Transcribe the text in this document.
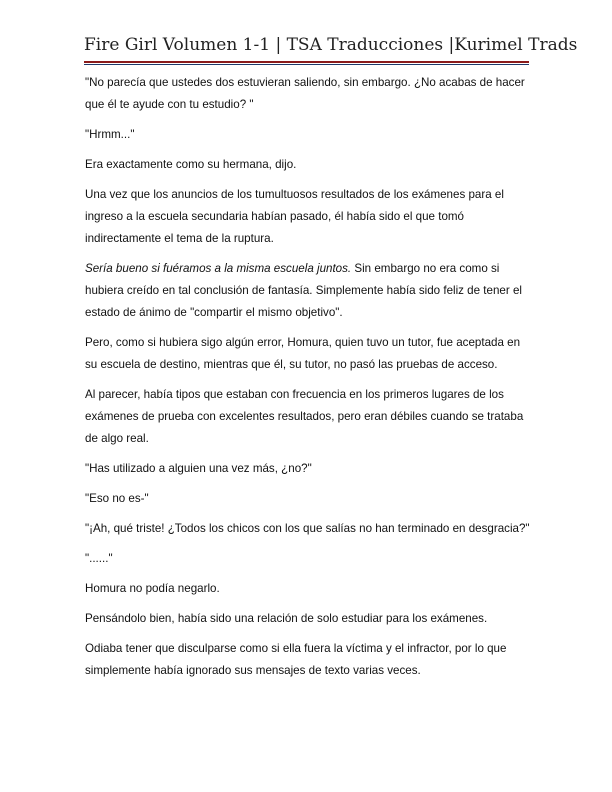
Fire Girl Volumen 1-1 | TSA Traducciones |Kurimel Trads

"No parecía que ustedes dos estuvieran saliendo, sin embargo. ¿No acabas de hacer que él te ayude con tu estudio? "

"Hrmm..."

Era exactamente como su hermana, dijo.

Una vez que los anuncios de los tumultuosos resultados de los exámenes para el ingreso a la escuela secundaria habían pasado, él había sido el que tomó indirectamente el tema de la ruptura.

Sería bueno si fuéramos a la misma escuela juntos. Sin embargo no era como si hubiera creído en tal conclusión de fantasía. Simplemente había sido feliz de tener el estado de ánimo de "compartir el mismo objetivo".

Pero, como si hubiera sigo algún error, Homura, quien tuvo un tutor, fue aceptada en su escuela de destino, mientras que él, su tutor, no pasó las pruebas de acceso.

Al parecer, había tipos que estaban con frecuencia en los primeros lugares de los exámenes de prueba con excelentes resultados, pero eran débiles cuando se trataba de algo real.

"Has utilizado a alguien una vez más, ¿no?"

"Eso no es-"

"¡Ah, qué triste! ¿Todos los chicos con los que salías no han terminado en desgracia?"

"......"

Homura no podía negarlo.

Pensándolo bien, había sido una relación de solo estudiar para los exámenes.

Odiaba tener que disculparse como si ella fuera la víctima y el infractor, por lo que simplemente había ignorado sus mensajes de texto varias veces.
